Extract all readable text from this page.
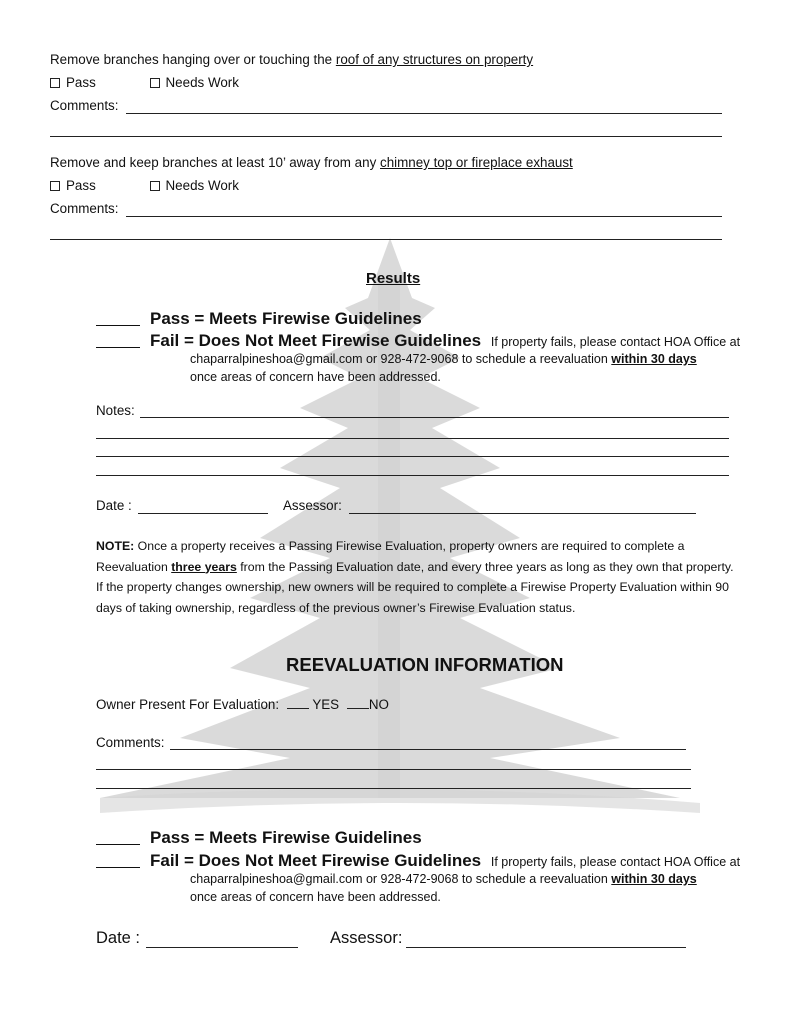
Remove branches hanging over or touching the roof of any structures on property
Pass
	Needs Work
Comments:
Remove and keep branches at least 10’ away from any chimney top or fireplace exhaust
Pass
	Needs Work
Comments:
Results
Pass = Meets Firewise Guidelines
Fail = Does Not Meet Firewise Guidelines If property fails, please contact HOA Office at
chaparralpineshoa@gmail.com or 928-472-9068 to schedule a reevaluation within 30 days
once areas of concern have been addressed.
Notes:
Date :	Assessor:
NOTE: Once a property receives a Passing Firewise Evaluation, property owners are required to complete a Reevaluation three years from the Passing Evaluation date, and every three years as long as they own that property. If the property changes ownership, new owners will be required to complete a Firewise Property Evaluation within 90 days of taking ownership, regardless of the previous owner’s Firewise Evaluation status.
REEVALUATION INFORMATION
Owner Present For Evaluation: YES NO
Comments:
Pass = Meets Firewise Guidelines
Fail = Does Not Meet Firewise Guidelines If property fails, please contact HOA Office at
chaparralpineshoa@gmail.com or 928-472-9068 to schedule a reevaluation within 30 days
once areas of concern have been addressed.
Date :	Assessor:
